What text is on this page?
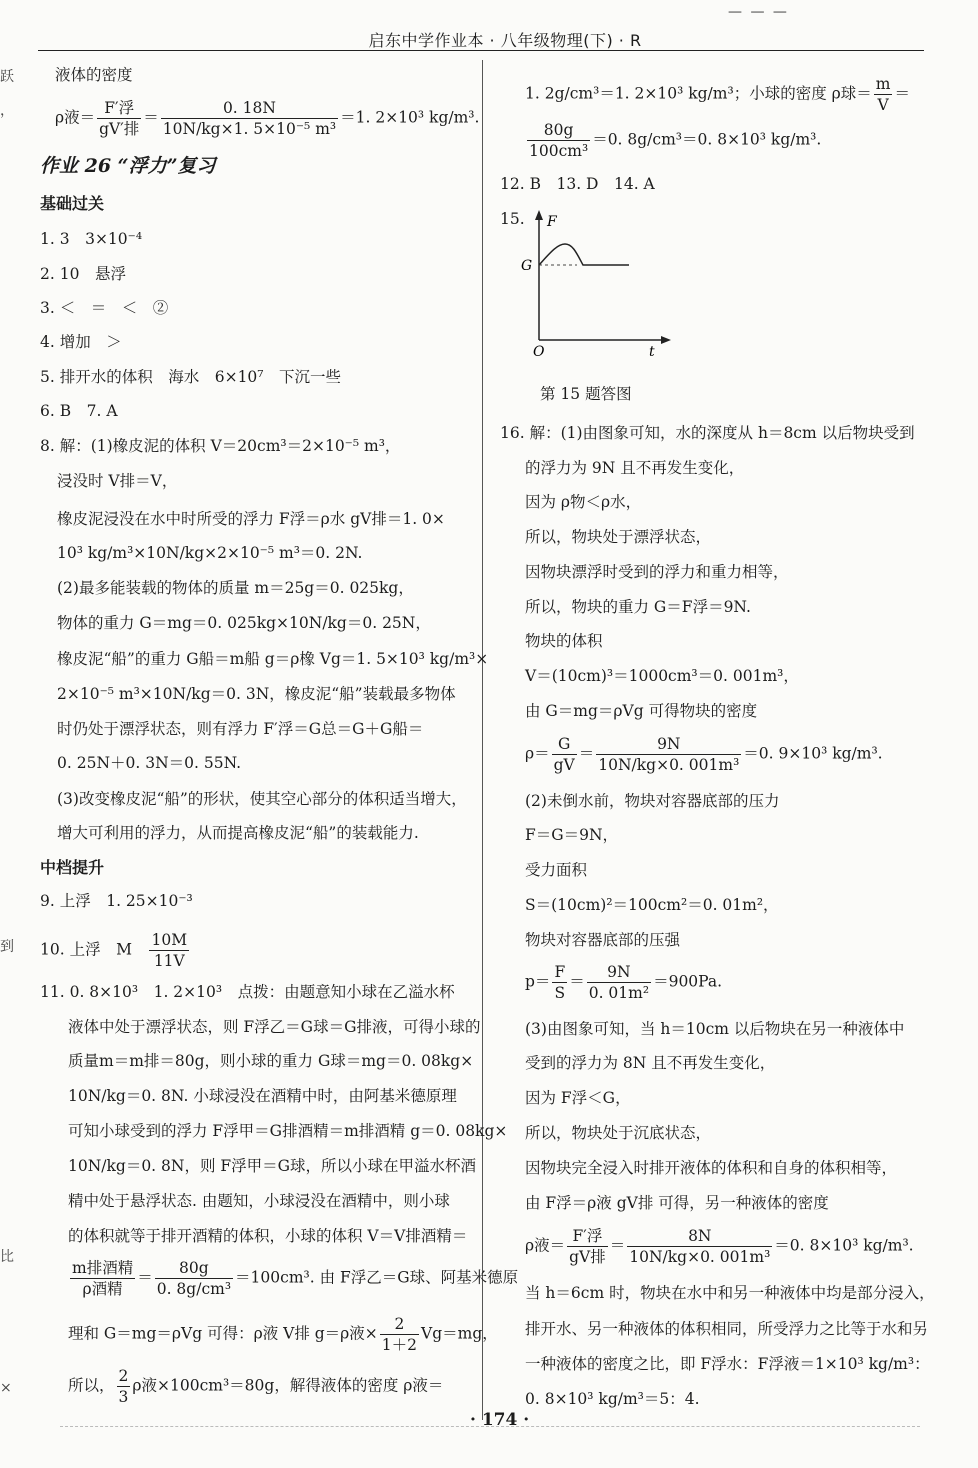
— — —
启东中学作业本 · 八年级物理(下) · R
跃
，
到
比
×
液体的密度
ρ液＝ $\frac{\text{F′浮}}{\text{gV′排}} = \frac{0. 18N}{\text{10N/kg×1. 5×10⁻⁵ m³}} =1$. 2×10³ kg/m³.
作业 26 “浮力”复习
基础过关
1. 3　3×10⁻⁴
2. 10　悬浮
3. ＜　＝　＜　②
4. 增加　＞
5. 排开水的体积　海水　6×10⁷　下沉一些
6. B　7. A
8. 解：(1)橡皮泥的体积 V＝20cm³＝2×10⁻⁵ m³，
浸没时 V排＝V，
橡皮泥浸没在水中时所受的浮力 F浮＝ρ水 gV排＝1. 0×
10³ kg/m³×10N/kg×2×10⁻⁵ m³＝0. 2N.
(2)最多能装载的物体的质量 m＝25g＝0. 025kg，
物体的重力 G＝mg＝0. 025kg×10N/kg＝0. 25N，
橡皮泥“船”的重力 G船＝m船 g＝ρ橡 Vg＝1. 5×10³ kg/m³×
2×10⁻⁵ m³×10N/kg＝0. 3N，橡皮泥“船”装载最多物体
时仍处于漂浮状态，则有浮力 F′浮＝G总＝G＋G船＝
0. 25N＋0. 3N＝0. 55N.
(3)改变橡皮泥“船”的形状，使其空心部分的体积适当增大，
增大可利用的浮力，从而提高橡皮泥“船”的装载能力.
中档提升
9. 上浮　1. 25×10⁻³
10. 上浮　M　 $\frac{10M}{11V}$
11. 0. 8×10³　1. 2×10³　点拨：由题意知小球在乙溢水杯
液体中处于漂浮状态，则 F浮乙＝G球＝G排液，可得小球的
质量m＝m排＝80g，则小球的重力 G球＝mg＝0. 08kg×
10N/kg＝0. 8N. 小球浸没在酒精中时，由阿基米德原理
可知小球受到的浮力 F浮甲＝G排酒精＝m排酒精 g＝0. 08kg×
10N/kg＝0. 8N，则 F浮甲＝G球，所以小球在甲溢水杯酒
精中处于悬浮状态. 由题知，小球浸没在酒精中，则小球
的体积就等于排开酒精的体积，小球的体积 V＝V排酒精＝
$\frac{\text{m排酒精}}{\text{ρ酒精}} = \frac{80g}{\text{0. 8g/cm³}} =100cm^3$. 由 F浮乙＝G球、阿基米德原
理和 G＝mg＝ρVg 可得：ρ液 V排 g＝ρ液× $\frac{2}{1+2} Vg=mg$，
所以， $\frac{2}{3}$ ρ液×100cm³＝80g，解得液体的密度 ρ液＝
1. 2g/cm³＝1. 2×10³ kg/m³；小球的密度 ρ球＝ $\frac{m}{V}$ ＝
$\frac{80g}{\text{100cm³}} =0$. 8g/cm³＝0. 8×10³ kg/m³.
12. B　13. D　14. A
15. F
G
O	t
第 15 题答图
16. 解：(1)由图象可知，水的深度从 h＝8cm 以后物块受到
的浮力为 9N 且不再发生变化，
因为 ρ物＜ρ水，
所以，物块处于漂浮状态，
因物块漂浮时受到的浮力和重力相等，
所以，物块的重力 G＝F浮＝9N.
物块的体积
V＝(10cm)³＝1000cm³＝0. 001m³，
由 G＝mg＝ρVg 可得物块的密度
$\rho= \frac{G}{gV} = \frac{9N}{\text{10N/kg×0. 001m³}} =0$. 9×10³ kg/m³.
(2)未倒水前，物块对容器底部的压力
F＝G＝9N，
受力面积
S＝(10cm)²＝100cm²＝0. 01m²，
物块对容器底部的压强
$p= \frac{F}{S} = \frac{9N}{\text{0. 01m²}} =900Pa$.
(3)由图象可知，当 h＝10cm 以后物块在另一种液体中
受到的浮力为 8N 且不再发生变化，
因为 F浮＜G，
所以，物块处于沉底状态，
因物块完全浸入时排开液体的体积和自身的体积相等，
由 F浮＝ρ液 gV排 可得，另一种液体的密度
ρ液＝ $\frac{\text{F′浮}}{\text{gV排}} = \frac{8N}{\text{10N/kg×0. 001m³}} =0$. 8×10³ kg/m³.
当 h＝6cm 时，物块在水中和另一种液体中均是部分浸入，
排开水、另一种液体的体积相同，所受浮力之比等于水和另
一种液体的密度之比，即 F浮水：F浮液＝1×10³ kg/m³：
0. 8×10³ kg/m³＝5：4.
· 174 ·
